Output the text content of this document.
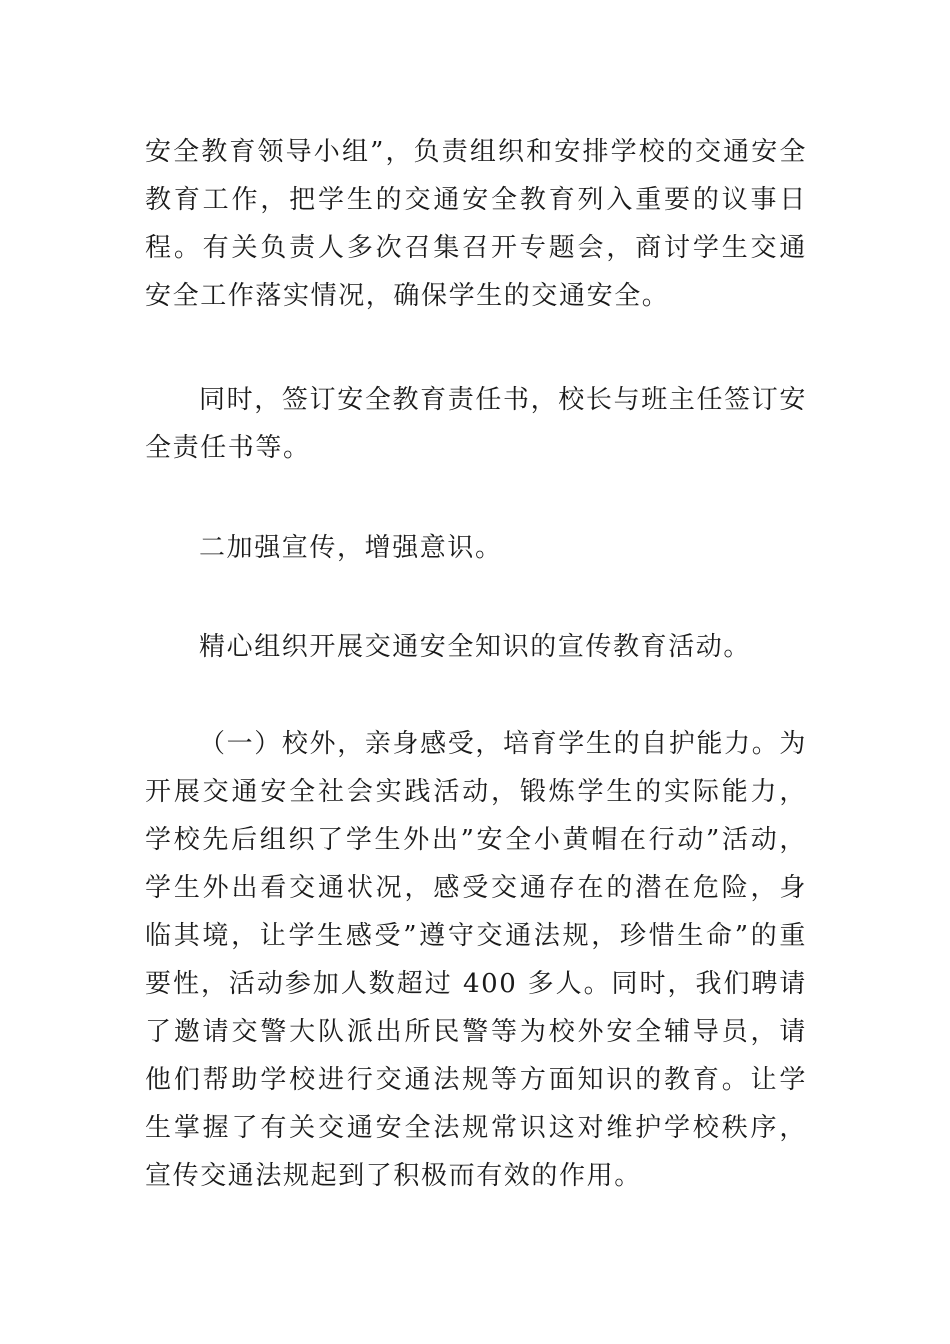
安全教育领导小组”，负责组织和安排学校的交通安全教育工作，把学生的交通安全教育列入重要的议事日程。有关负责人多次召集召开专题会，商讨学生交通安全工作落实情况，确保学生的交通安全。

同时，签订安全教育责任书，校长与班主任签订安全责任书等。

二加强宣传，增强意识。

精心组织开展交通安全知识的宣传教育活动。

（一）校外，亲身感受，培育学生的自护能力。为开展交通安全社会实践活动，锻炼学生的实际能力，学校先后组织了学生外出”安全小黄帽在行动”活动，学生外出看交通状况，感受交通存在的潜在危险，身临其境，让学生感受”遵守交通法规，珍惜生命”的重要性，活动参加人数超过 400 多人。同时，我们聘请了邀请交警大队派出所民警等为校外安全辅导员，请他们帮助学校进行交通法规等方面知识的教育。让学生掌握了有关交通安全法规常识这对维护学校秩序，宣传交通法规起到了积极而有效的作用。
